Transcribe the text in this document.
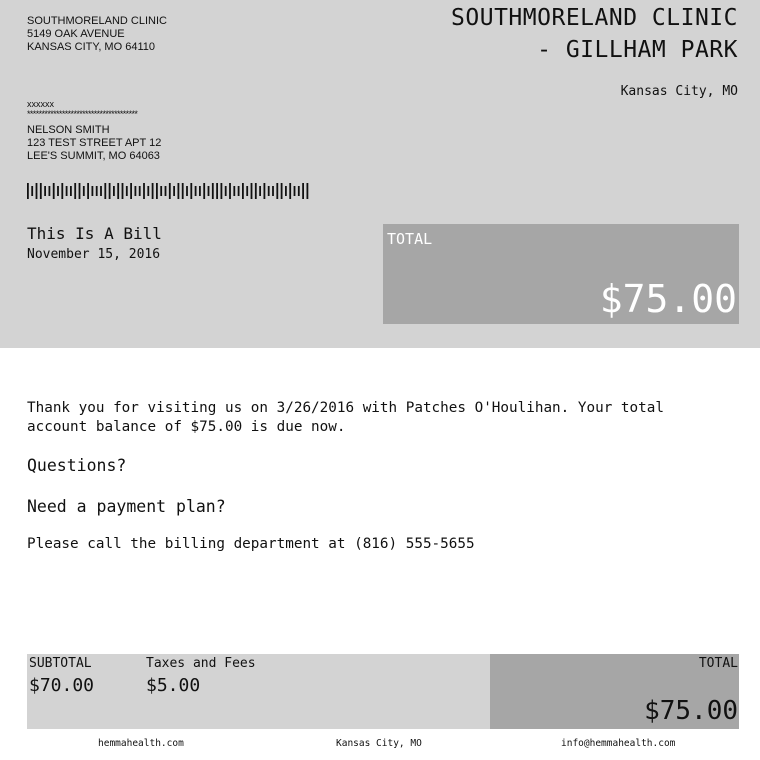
SOUTHMORELAND CLINIC
5149 OAK AVENUE
KANSAS CITY, MO 64110
SOUTHMORELAND CLINIC
- GILLHAM PARK
Kansas City, MO
xxxxxx
**************************************
NELSON SMITH
123 TEST STREET APT 12
LEE'S SUMMIT, MO 64063
This Is A Bill
November 15, 2016
TOTAL
$75.00
Thank you for visiting us on 3/26/2016 with Patches O'Houlihan. Your total account balance of $75.00 is due now.
Questions?
Need a payment plan?
Please call the billing department at (816) 555-5655
SUBTOTAL
$70.00
Taxes and Fees
$5.00
TOTAL
$75.00
hemmahealth.com	Kansas City, MO	info@hemmahealth.com
